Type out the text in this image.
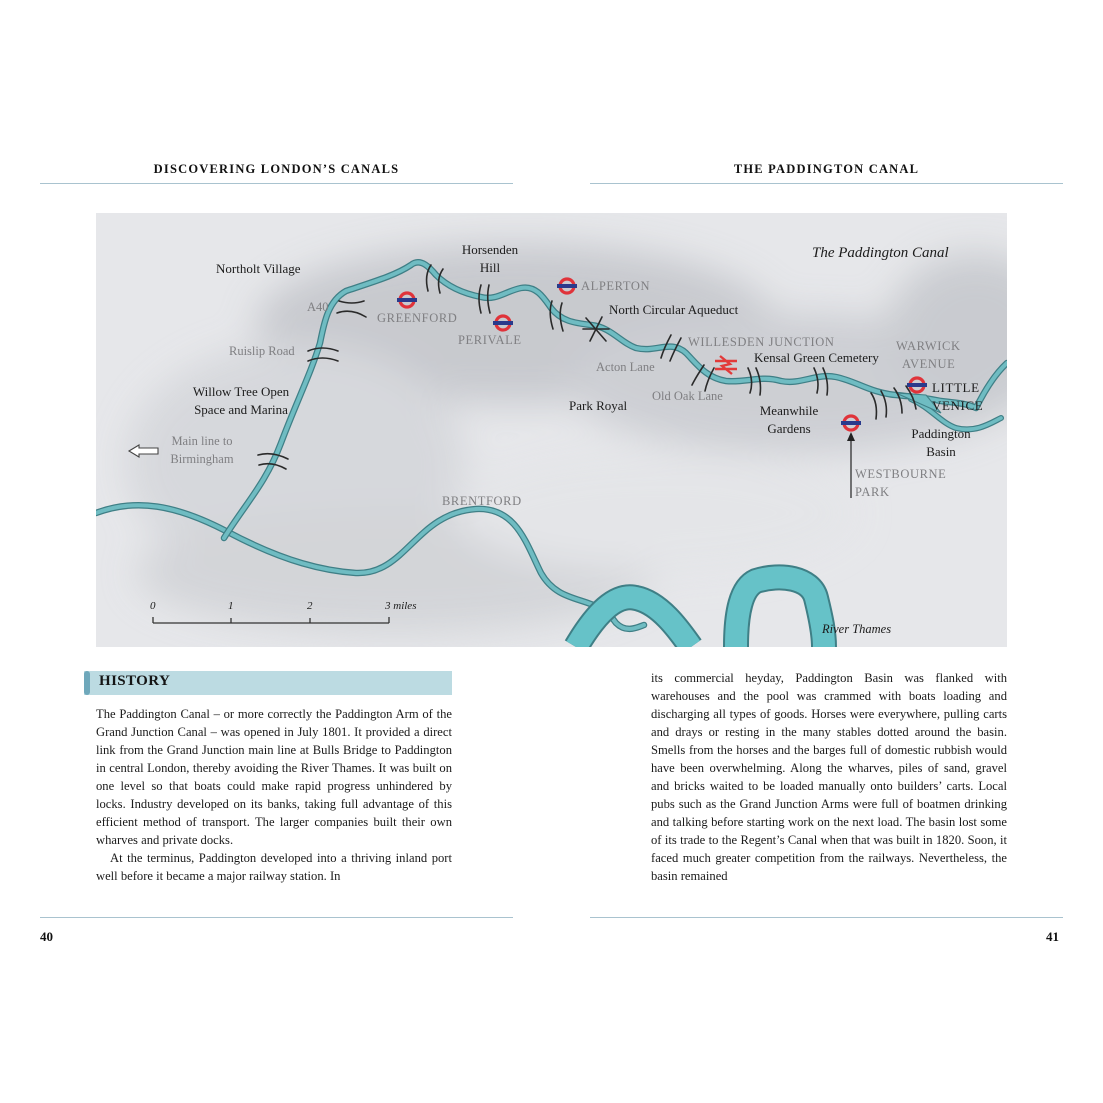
DISCOVERING LONDON’S CANALS	THE PADDINGTON CANAL
The Paddington Canal
Northolt Village
Horsenden
Hill
A40
GREENFORD
PERIVALE
ALPERTON
North Circular Aqueduct
Ruislip Road
WILLESDEN JUNCTION
Acton Lane
Kensal Green Cemetery
WARWICK
AVENUE
LITTLE
VENICE
Willow Tree Open
Space and Marina	Park Royal
Old Oak Lane
Meanwhile
Gardens	Paddington
Basin
Main line to
Birmingham
WESTBOURNE
PARK
BRENTFORD
River Thames
0	1	2	3 miles
HISTORY

The Paddington Canal – or more correctly the Paddington Arm of the Grand Junction Canal – was opened in July 1801. It provided a direct link from the Grand Junction main line at Bulls Bridge to Paddington in central London, thereby avoiding the River Thames. It was built on one level so that boats could make rapid progress unhindered by locks. Industry developed on its banks, taking full advantage of this efficient method of transport. The larger companies built their own wharves and private docks.

At the terminus, Paddington developed into a thriving inland port well before it became a major railway station. In

its commercial heyday, Paddington Basin was flanked with warehouses and the pool was crammed with boats loading and discharging all types of goods. Horses were everywhere, pulling carts and drays or resting in the many stables dotted around the basin. Smells from the horses and the barges full of domestic rubbish would have been overwhelming. Along the wharves, piles of sand, gravel and bricks waited to be loaded manually onto builders’ carts. Local pubs such as the Grand Junction Arms were full of boatmen drinking and talking before starting work on the next load. The basin lost some of its trade to the Regent’s Canal when that was built in 1820. Soon, it faced much greater competition from the railways. Nevertheless, the basin remained

40	41
